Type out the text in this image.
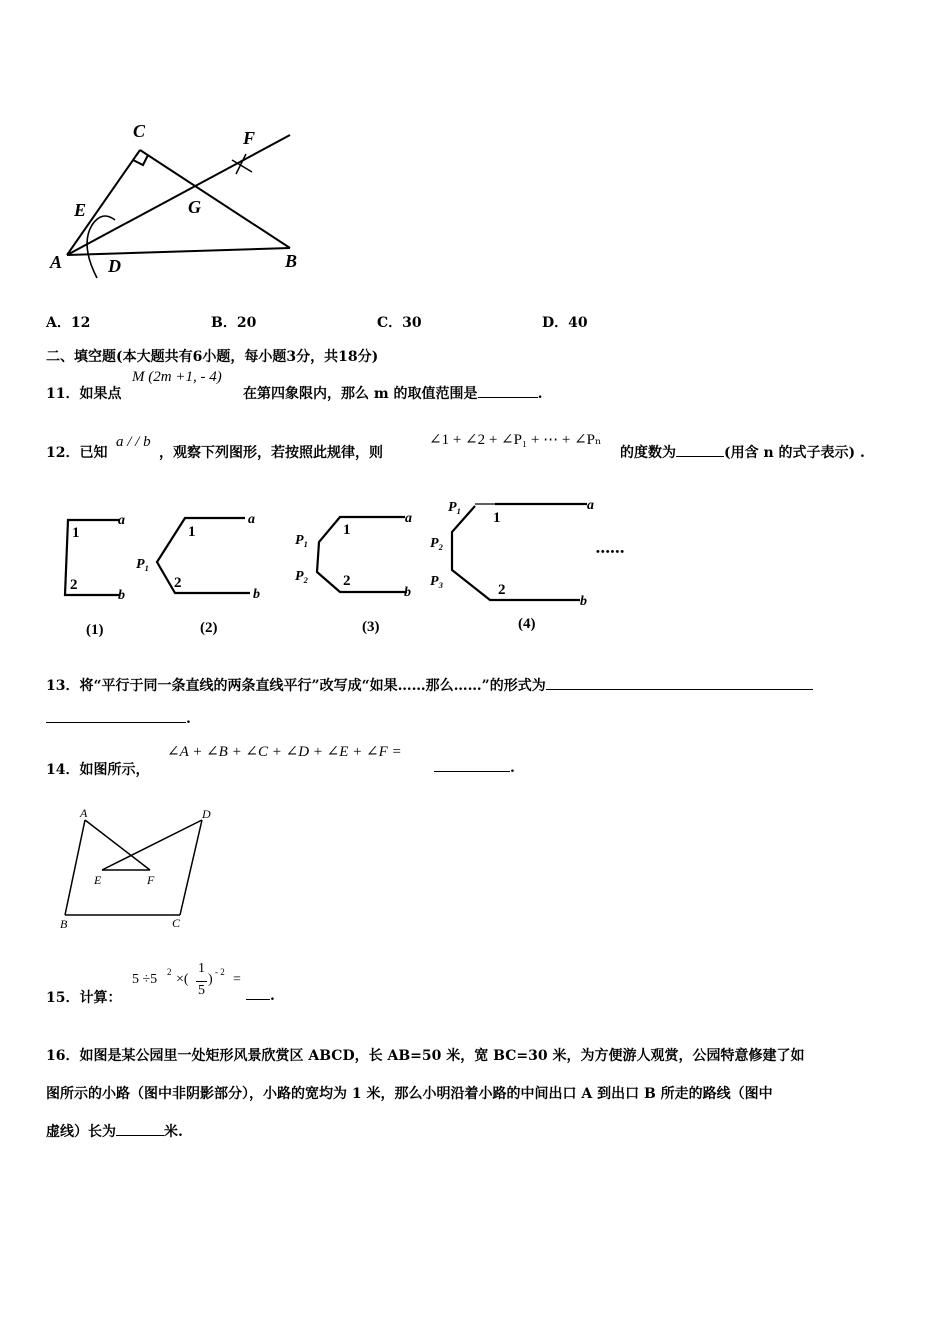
C	F
E	G
A	D	B
A．12	B．20	C．30	D．40
二、填空题(本大题共有6小题，每小题3分，共18分)
11．如果点
M (2m +1, - 4)
在第四象限内，那么 m 的取值范围是	.
12．已知
a / / b
，观察下列图形，若按照此规律，则
∠1 + ∠2 + ∠P₁ + ⋯ + ∠Pₙ
的度数为	(用含 n 的式子表示) .
a
1
2
b
(1)
a
1
P₁
2
b
(2)
a
1
P₁
P₂ 2
b
(3)
P₁	a
1
P₂
P₃
2
b
(4)
••••••
13．将“平行于同一条直线的两条直线平行”改写成“如果……那么……”的形式为
.
14．如图所示，
∠A + ∠B + ∠C + ∠D + ∠E + ∠F =
.
A	D
E	F
B	C
15．计算：
5 ÷5 2 ×(
1
5
) - 2 =
.
16．如图是某公园里一处矩形风景欣赏区 ABCD，长 AB=50 米，宽 BC=30 米，为方便游人观赏，公园特意修建了如
图所示的小路（图中非阴影部分），小路的宽均为 1 米，那么小明沿着小路的中间出口 A 到出口 B 所走的路线（图中
虚线）长为	米.
